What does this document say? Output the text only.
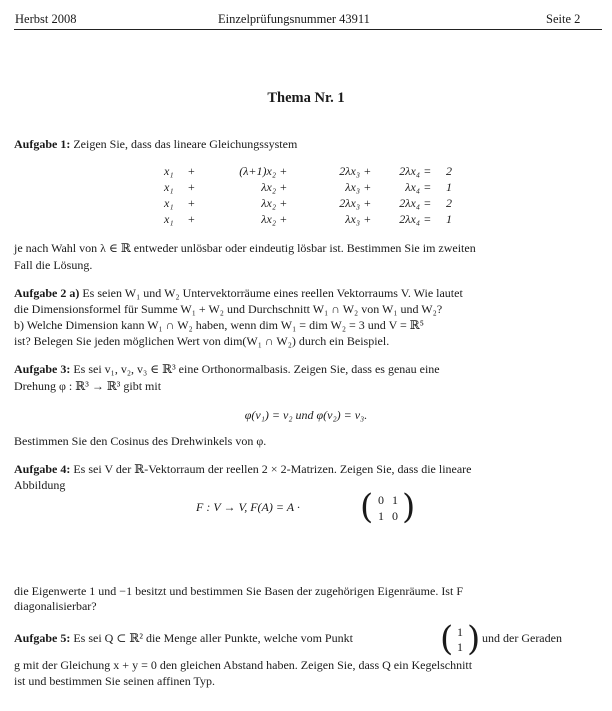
Herbst 2008	Einzelprüfungsnummer 43911	Seite 2
Thema Nr. 1
Aufgabe 1: Zeigen Sie, dass das lineare Gleichungssystem
x₁	+	(λ+1)x₂ +	2λx₃ +	2λx₄ =	2
x₁	+	λx₂ +	λx₃ +	λx₄ =	1
x₁	+	λx₂ +	2λx₃ +	2λx₄ =	2
x₁	+	λx₂ +	λx₃ +	2λx₄ =	1
je nach Wahl von λ ∈ ℝ entweder unlösbar oder eindeutig lösbar ist. Bestimmen Sie im zweiten
Fall die Lösung.
Aufgabe 2 a) Es seien W₁ und W₂ Untervektorräume eines reellen Vektorraums V. Wie lautet
die Dimensionsformel für Summe W₁ + W₂ und Durchschnitt W₁ ∩ W₂ von W₁ und W₂?
b) Welche Dimension kann W₁ ∩ W₂ haben, wenn dim W₁ = dim W₂ = 3 und V = ℝ⁵
ist? Belegen Sie jeden möglichen Wert von dim(W₁ ∩ W₂) durch ein Beispiel.
Aufgabe 3: Es sei v₁, v₂, v₃ ∈ ℝ³ eine Orthonormalbasis. Zeigen Sie, dass es genau eine
Drehung φ : ℝ³ → ℝ³ gibt mit
φ(v₁) = v₂ und φ(v₂) = v₃.
Bestimmen Sie den Cosinus des Drehwinkels von φ.
Aufgabe 4: Es sei V der ℝ-Vektorraum der reellen 2 × 2-Matrizen. Zeigen Sie, dass die lineare
Abbildung
F : V → V, F(A) = A · ( 0 1
1 0 )
die Eigenwerte 1 und −1 besitzt und bestimmen Sie Basen der zugehörigen Eigenräume. Ist F
diagonalisierbar?
Aufgabe 5: Es sei Q ⊂ ℝ² die Menge aller Punkte, welche vom Punkt	( 1
1 ) und der Geraden
g mit der Gleichung x + y = 0 den gleichen Abstand haben. Zeigen Sie, dass Q ein Kegelschnitt
ist und bestimmen Sie seinen affinen Typ.
